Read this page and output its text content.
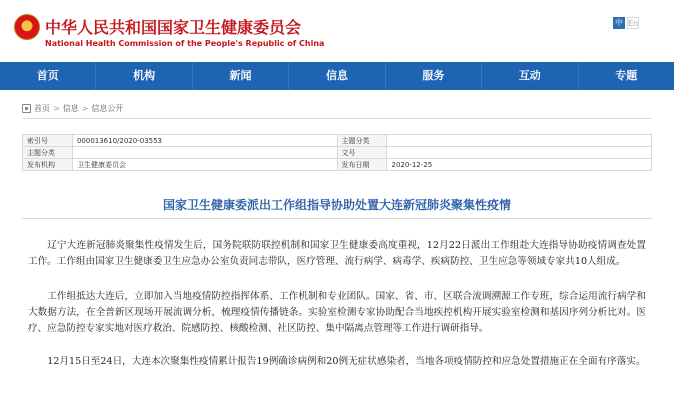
中华人民共和国国家卫生健康委员会
National Health Commission of the People's Republic of China
中 En
首页	机构	新闻	信息	服务	互动	专题
首页 > 信息 > 信息公开
索引号	000013610/2020-03553	主题分类	
主题分类		文号	
发布机构	卫生健康委员会	发布日期	2020-12-25
国家卫生健康委派出工作组指导协助处置大连新冠肺炎聚集性疫情

辽宁大连新冠肺炎聚集性疫情发生后，国务院联防联控机制和国家卫生健康委高度重视，12月22日派出工作组赴大连指导协助疫情调查处置工作。工作组由国家卫生健康委卫生应急办公室负责同志带队，医疗管理、流行病学、病毒学、疾病防控、卫生应急等领域专家共10人组成。

工作组抵达大连后，立即加入当地疫情防控指挥体系、工作机制和专业团队。国家、省、市、区联合流调溯源工作专班，综合运用流行病学和大数据方法，在全普新区现场开展流调分析，梳理疫情传播链条。实验室检测专家协助配合当地疾控机构开展实验室检测和基因序列分析比对。医疗、应急防控专家实地对医疗救治、院感防控、核酸检测、社区防控、集中隔离点管理等工作进行调研指导。

12月15日至24日，大连本次聚集性疫情累计报告19例确诊病例和20例无症状感染者，当地各项疫情防控和应急处置措施正在全面有序落实。
